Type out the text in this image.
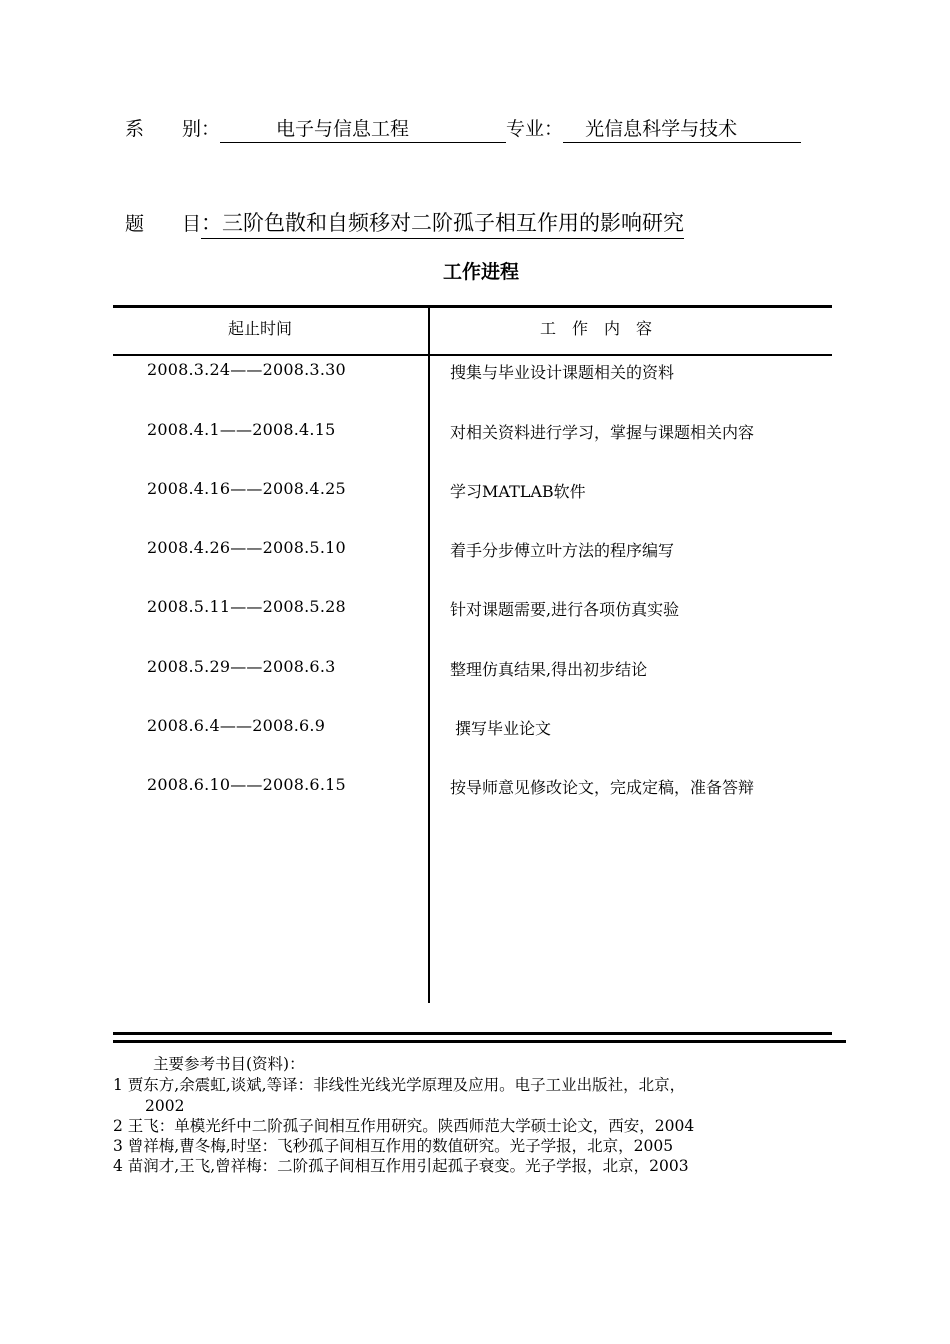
系　　别：	电子与信息工程	专业： 光信息科学与技术
题　　目：三阶色散和自频移对二阶孤子相互作用的影响研究
工作进程
起止时间	工　作　内　容
2008.3.24——2008.3.30	搜集与毕业设计课题相关的资料
2008.4.1——2008.4.15	对相关资料进行学习，掌握与课题相关内容
2008.4.16——2008.4.25	学习MATLAB软件
2008.4.26——2008.5.10	着手分步傅立叶方法的程序编写
2008.5.11——2008.5.28	针对课题需要,进行各项仿真实验
2008.5.29——2008.6.3	整理仿真结果,得出初步结论
2008.6.4——2008.6.9	撰写毕业论文
2008.6.10——2008.6.15	按导师意见修改论文，完成定稿，准备答辩
主要参考书目(资料)：
1 贾东方,余震虹,谈斌,等译：非线性光线光学原理及应用。电子工业出版社，北京，
2002
2 王飞：单模光纤中二阶孤子间相互作用研究。陕西师范大学硕士论文，西安，2004
3 曾祥梅,曹冬梅,时坚：飞秒孤子间相互作用的数值研究。光子学报，北京，2005
4 苗润才,王飞,曾祥梅：二阶孤子间相互作用引起孤子衰变。光子学报，北京，2003
